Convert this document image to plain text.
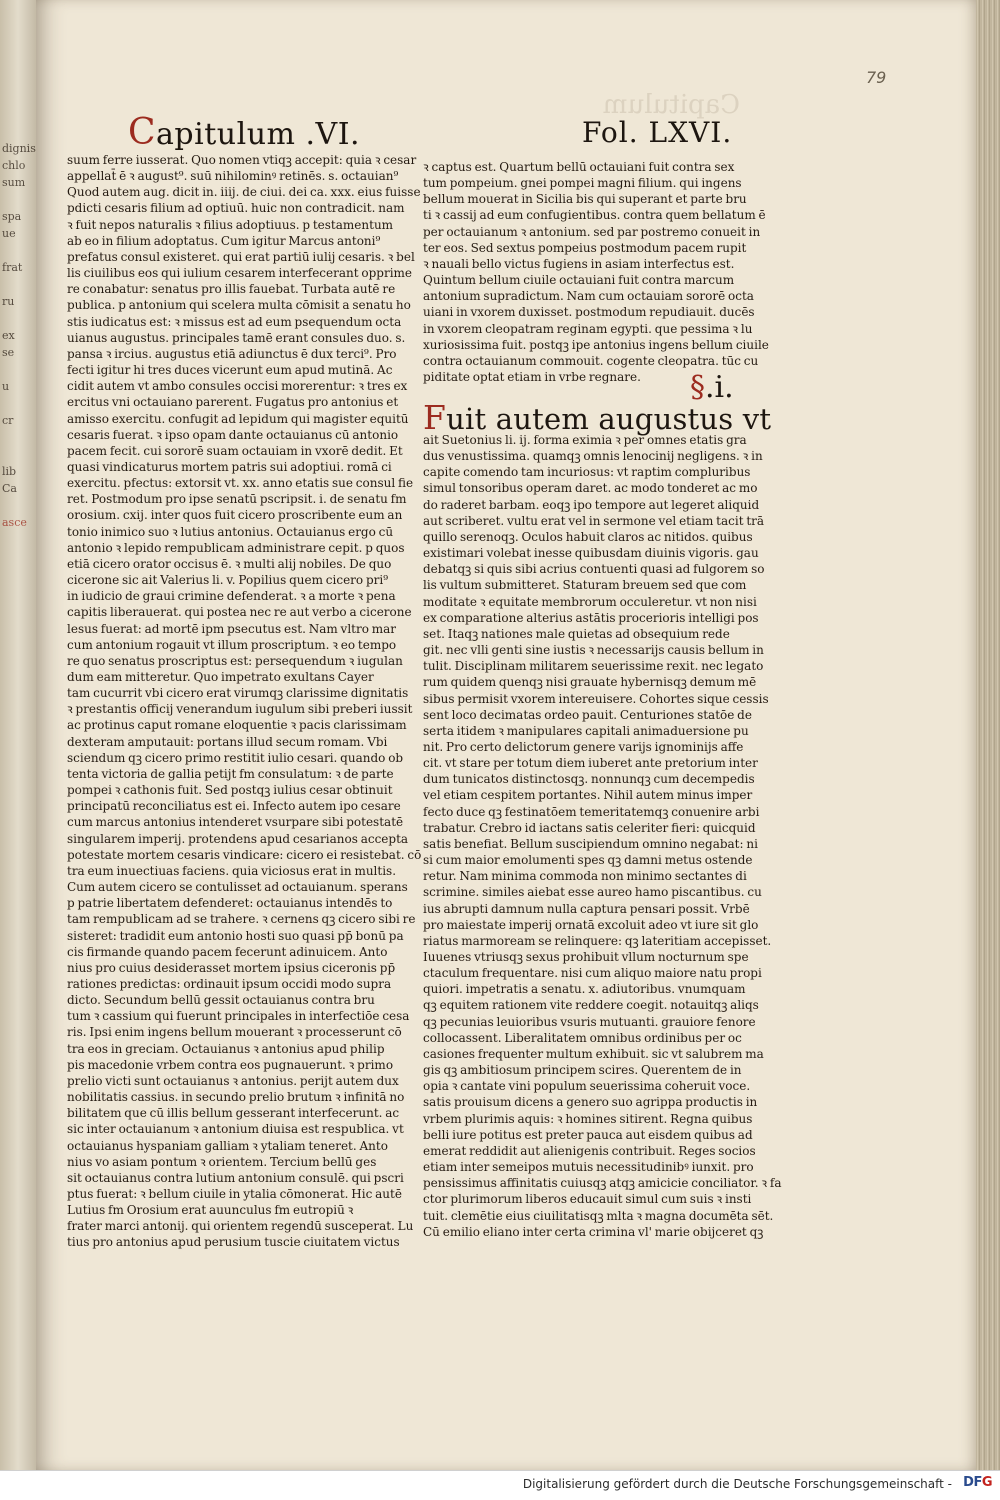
dignis
chlo
sum

spa
ue

frat

ru

ex
se

u

cr

lib
Ca

asce
Capitulum
79
Capitulum .VI.	Fol. LXVI.
suum ferre iusserat. Quo nomen vtiqꝫ accepit: quia ꝛ cesar
appellat̄ ē ꝛ august⁹. suū nihilominꝰ retinēs. s. octauian⁹
Quod autem aug. dicit in. iiij. de ciui. dei ca. xxx. eius fuisse
pdicti cesaris filium ad optiuū. huic non contradicit. nam
ꝛ fuit nepos naturalis ꝛ filius adoptiuus. p testamentum
ab eo in filium adoptatus. Cum igitur Marcus antoni⁹
prefatus consul existeret. qui erat partiū iulij cesaris. ꝛ bel
lis ciuilibus eos qui iulium cesarem interfecerant opprime
re conabatur: senatus pro illis fauebat. Turbata autē re
publica. p antonium qui scelera multa cōmisit a senatu ho
stis iudicatus est: ꝛ missus est ad eum psequendum octa
uianus augustus. principales tamē erant consules duo. s.
pansa ꝛ ircius. augustus etiā adiunctus ē dux terci⁹. Pro
fecti igitur hi tres duces vicerunt eum apud mutinā. Ac
cidit autem vt ambo consules occisi morerentur: ꝛ tres ex
ercitus vni octauiano parerent. Fugatus pro antonius et
amisso exercitu. confugit ad lepidum qui magister equitū
cesaris fuerat. ꝛ ipso opam dante octauianus cū antonio
pacem fecit. cui sororē suam octauiam in vxorē dedit. Et
quasi vindicaturus mortem patris sui adoptiui. romā ci
exercitu. pfectus: extorsit vt. xx. anno etatis sue consul fie
ret. Postmodum pro ipse senatū pscripsit. i. de senatu fm
orosium. cxij. inter quos fuit cicero proscribente eum an
tonio inimico suo ꝛ lutius antonius. Octauianus ergo cū
antonio ꝛ lepido rempublicam administrare cepit. p quos
etiā cicero orator occisus ē. ꝛ multi alij nobiles. De quo
cicerone sic ait Valerius li. v. Popilius quem cicero pri⁹
in iudicio de graui crimine defenderat. ꝛ a morte ꝛ pena
capitis liberauerat. qui postea nec re aut verbo a cicerone
lesus fuerat: ad mortē ipm psecutus est. Nam vltro mar
cum antonium rogauit vt illum proscriptum. ꝛ eo tempo
re quo senatus proscriptus est: persequendum ꝛ iugulan
dum eam mitteretur. Quo impetrato exultans Cayer
tam cucurrit vbi cicero erat virumqꝫ clarissime dignitatis
ꝛ prestantis officij venerandum iugulum sibi preberi iussit
ac protinus caput romane eloquentie ꝛ pacis clarissimam
dexteram amputauit: portans illud secum romam. Vbi
sciendum qꝫ cicero primo restitit iulio cesari. quando ob
tenta victoria de gallia petijt fm consulatum: ꝛ de parte
pompei ꝛ cathonis fuit. Sed postqꝫ iulius cesar obtinuit
principatū reconciliatus est ei. Infecto autem ipo cesare
cum marcus antonius intenderet vsurpare sibi potestatē
singularem imperij. protendens apud cesarianos accepta
potestate mortem cesaris vindicare: cicero ei resistebat. cō
tra eum inuectiuas faciens. quia viciosus erat in multis.
Cum autem cicero se contulisset ad octauianum. sperans
p patrie libertatem defenderet: octauianus intendēs to
tam rempublicam ad se trahere. ꝛ cernens qꝫ cicero sibi re
sisteret: tradidit eum antonio hosti suo quasi pp̄ bonū pa
cis firmande quando pacem fecerunt adinuicem. Anto
nius pro cuius desiderasset mortem ipsius ciceronis pp̄
rationes predictas: ordinauit ipsum occidi modo supra
dicto. Secundum bellū gessit octauianus contra bru
tum ꝛ cassium qui fuerunt principales in interfectiōe cesa
ris. Ipsi enim ingens bellum mouerant ꝛ processerunt cō
tra eos in greciam. Octauianus ꝛ antonius apud philip
pis macedonie vrbem contra eos pugnauerunt. ꝛ primo
prelio victi sunt octauianus ꝛ antonius. perijt autem dux
nobilitatis cassius. in secundo prelio brutum ꝛ infinitā no
bilitatem que cū illis bellum gesserant interfecerunt. ac
sic inter octauianum ꝛ antonium diuisa est respublica. vt
octauianus hyspaniam galliam ꝛ ytaliam teneret. Anto
nius vo asiam pontum ꝛ orientem. Tercium bellū ges
sit octauianus contra lutium antonium consulē. qui pscri
ptus fuerat: ꝛ bellum ciuile in ytalia cōmonerat. Hic autē
Lutius fm Orosium erat auunculus fm eutropiū ꝛ
frater marci antonij. qui orientem regendū susceperat. Lu
tius pro antonius apud perusium tuscie ciuitatem victus
ꝛ captus est. Quartum bellū octauiani fuit contra sex
tum pompeium. gnei pompei magni filium. qui ingens
bellum mouerat in Sicilia bis qui superant et parte bru
ti ꝛ cassij ad eum confugientibus. contra quem bellatum ē
per octauianum ꝛ antonium. sed par postremo conueit in
ter eos. Sed sextus pompeius postmodum pacem rupit
ꝛ nauali bello victus fugiens in asiam interfectus est.
Quintum bellum ciuile octauiani fuit contra marcum
antonium supradictum. Nam cum octauiam sororē octa
uiani in vxorem duxisset. postmodum repudiauit. ducēs
in vxorem cleopatram reginam egypti. que pessima ꝛ lu
xuriosissima fuit. postqꝫ ipe antonius ingens bellum ciuile
contra octauianum commouit. cogente cleopatra. tūc cu
piditate optat etiam in vrbe regnare.	§.i.
Fuit autem augustus vt
ait Suetonius li. ij. forma eximia ꝛ per omnes etatis gra
dus venustissima. quamqꝫ omnis lenocinij negligens. ꝛ in
capite comendo tam incuriosus: vt raptim compluribus
simul tonsoribus operam daret. ac modo tonderet ac mo
do raderet barbam. eoqꝫ ipo tempore aut legeret aliquid
aut scriberet. vultu erat vel in sermone vel etiam tacit trā
quillo serenoqꝫ. Oculos habuit claros ac nitidos. quibus
existimari volebat inesse quibusdam diuinis vigoris. gau
debatqꝫ si quis sibi acrius contuenti quasi ad fulgorem so
lis vultum submitteret. Staturam breuem sed que com
moditate ꝛ equitate membrorum occuleretur. vt non nisi
ex comparatione alterius astātis procerioris intelligi pos
set. Itaqꝫ nationes male quietas ad obsequium rede
git. nec vlli genti sine iustis ꝛ necessarijs causis bellum in
tulit. Disciplinam militarem seuerissime rexit. nec legato
rum quidem quenqꝫ nisi grauate hybernisqꝫ demum mē
sibus permisit vxorem intereuisere. Cohortes sique cessis
sent loco decimatas ordeo pauit. Centuriones statōe de
serta itidem ꝛ manipulares capitali animaduersione pu
nit. Pro certo delictorum genere varijs ignominijs affe
cit. vt stare per totum diem iuberet ante pretorium inter
dum tunicatos distinctosqꝫ. nonnunqꝫ cum decempedis
vel etiam cespitem portantes. Nihil autem minus imper
fecto duce qꝫ festinatōem temeritatemqꝫ conuenire arbi
trabatur. Crebro id iactans satis celeriter fieri: quicquid
satis benefiat. Bellum suscipiendum omnino negabat: ni
si cum maior emolumenti spes qꝫ damni metus ostende
retur. Nam minima commoda non minimo sectantes di
scrimine. similes aiebat esse aureo hamo piscantibus. cu
ius abrupti damnum nulla captura pensari possit. Vrbē
pro maiestate imperij ornatā excoluit adeo vt iure sit glo
riatus marmoream se relinquere: qꝫ lateritiam accepisset.
Iuuenes vtriusqꝫ sexus prohibuit vllum nocturnum spe
ctaculum frequentare. nisi cum aliquo maiore natu propi
quiori. impetratis a senatu. x. adiutoribus. vnumquam
qꝫ equitem rationem vite reddere coegit. notauitqꝫ aliqs
qꝫ pecunias leuioribus vsuris mutuanti. grauiore fenore
collocassent. Liberalitatem omnibus ordinibus per oc
casiones frequenter multum exhibuit. sic vt salubrem ma
gis qꝫ ambitiosum principem scires. Querentem de in
opia ꝛ cantate vini populum seuerissima coheruit voce.
satis prouisum dicens a genero suo agrippa productis in
vrbem plurimis aquis: ꝛ homines sitirent. Regna quibus
belli iure potitus est preter pauca aut eisdem quibus ad
emerat reddidit aut alienigenis contribuit. Reges socios
etiam inter semeipos mutuis necessitudinibꝰ iunxit. pro
pensissimus affinitatis cuiusqꝫ atqꝫ amicicie conciliator. ꝛ fa
ctor plurimorum liberos educauit simul cum suis ꝛ insti
tuit. clemētie eius ciuilitatisqꝫ mlta ꝛ magna documēta sēt.
Cū emilio eliano inter certa crimina vl' marie obijceret qꝫ
Digitalisierung gefördert durch die Deutsche Forschungsgemeinschaft - DFG
